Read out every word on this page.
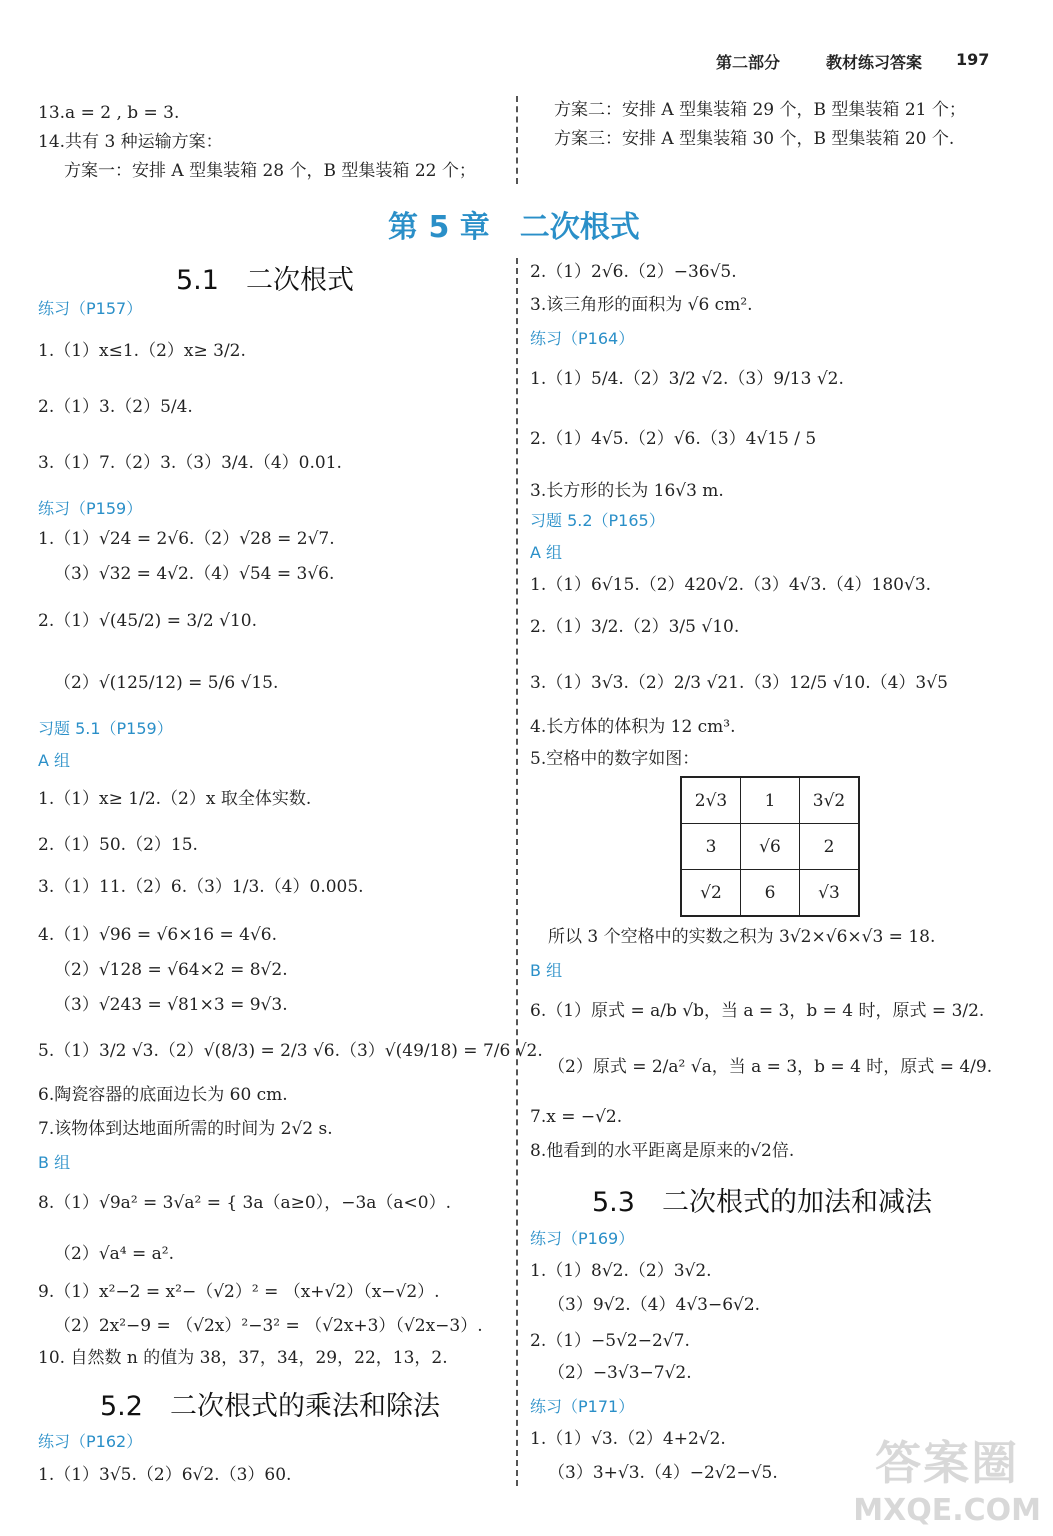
第二部分	教材练习答案 197
13.a = 2 , b = 3.
14.共有 3 种运输方案：
方案一：安排 A 型集装箱 28 个，B 型集装箱 22 个；
方案二：安排 A 型集装箱 29 个，B 型集装箱 21 个；
方案三：安排 A 型集装箱 30 个，B 型集装箱 20 个.
第 5 章　二次根式
5.1　二次根式
练习（P157）
1.（1）x≤1.（2）x≥ 3/2.
2.（1）3.（2）5/4.
3.（1）7.（2）3.（3）3/4.（4）0.01.
练习（P159）
1.（1）√24 = 2√6.（2）√28 = 2√7.
（3）√32 = 4√2.（4）√54 = 3√6.
2.（1）√(45/2) = 3/2 √10.
（2）√(125/12) = 5/6 √15.
习题 5.1（P159）
A 组
1.（1）x≥ 1/2.（2）x 取全体实数.
2.（1）50.（2）15.
3.（1）11.（2）6.（3）1/3.（4）0.005.
4.（1）√96 = √6×16 = 4√6.
（2）√128 = √64×2 = 8√2.
（3）√243 = √81×3 = 9√3.
5.（1）3/2 √3.（2）√(8/3) = 2/3 √6.（3）√(49/18) = 7/6 √2.
6.陶瓷容器的底面边长为 60 cm.
7.该物体到达地面所需的时间为 2√2 s.
B 组
8.（1）√9a² = 3√a² = { 3a（a≥0），−3a（a<0）.
（2）√a⁴ = a².
9.（1）x²−2 = x²−（√2）² = （x+√2）（x−√2）.
（2）2x²−9 = （√2x）²−3² = （√2x+3）（√2x−3）.
10. 自然数 n 的值为 38，37，34，29，22，13，2.
5.2　二次根式的乘法和除法
练习（P162）
1.（1）3√5.（2）6√2.（3）60.
2.（1）2√6.（2）−36√5.
3.该三角形的面积为 √6 cm².
练习（P164）
1.（1）5/4.（2）3/2 √2.（3）9/13 √2.
2.（1）4√5.（2）√6.（3）4√15 / 5
3.长方形的长为 16√3 m.
习题 5.2（P165）
A 组
1.（1）6√15.（2）420√2.（3）4√3.（4）180√3.
2.（1）3/2.（2）3/5 √10.
3.（1）3√3.（2）2/3 √21.（3）12/5 √10.（4）3√5
4.长方体的体积为 12 cm³.
5.空格中的数字如图：
2√3	1	3√2
3	√6	2
√2	6	√3
所以 3 个空格中的实数之积为 3√2×√6×√3 = 18.
B 组
6.（1）原式 = a/b √b，当 a = 3，b = 4 时，原式 = 3/2.
（2）原式 = 2/a² √a，当 a = 3，b = 4 时，原式 = 4/9.
7.x = −√2.
8.他看到的水平距离是原来的√2倍.
5.3　二次根式的加法和减法
练习（P169）
1.（1）8√2.（2）3√2.
（3）9√2.（4）4√3−6√2.
2.（1）−5√2−2√7.
（2）−3√3−7√2.
练习（P171）
1.（1）√3.（2）4+2√2.
（3）3+√3.（4）−2√2−√5.	答案圈
MXQE.COM
